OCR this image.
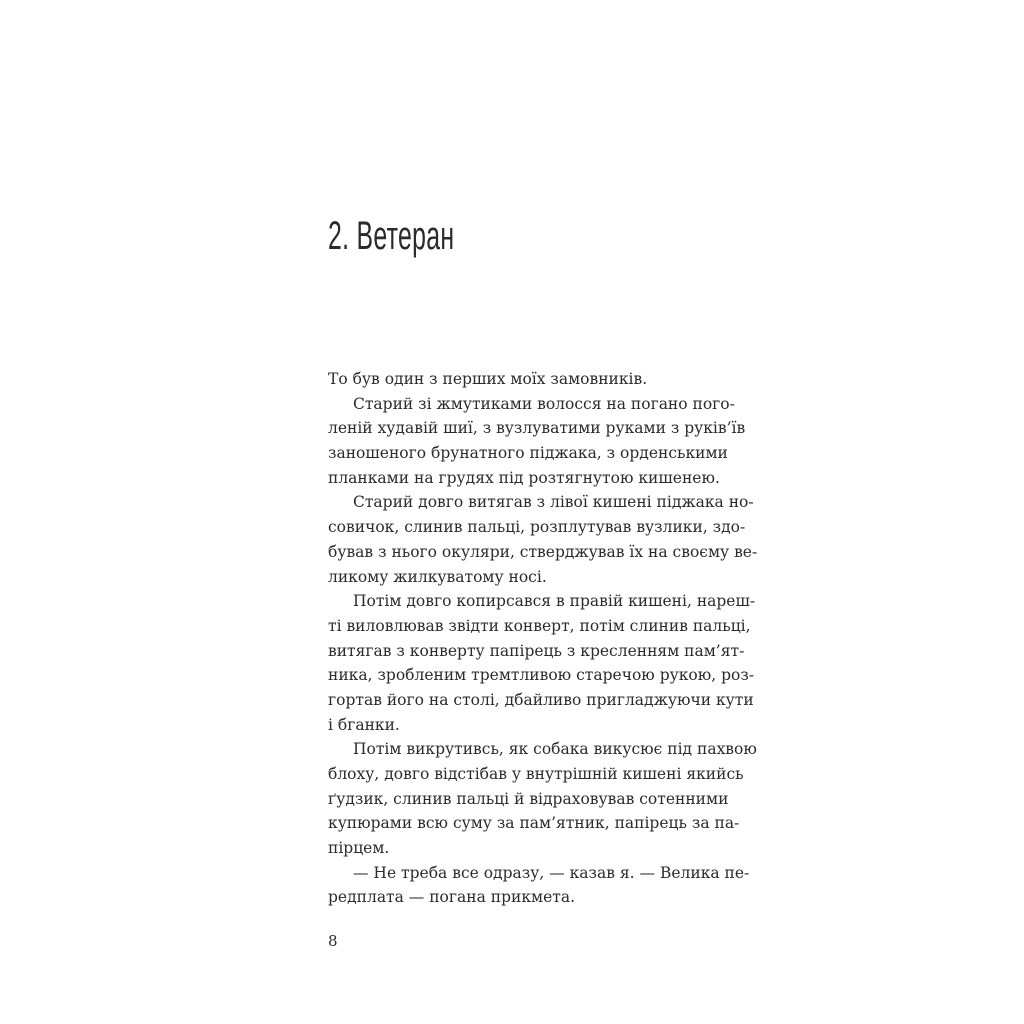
2. Ветеран
То був один з перших моїх замовників.
Старий зі жмутиками волосся на погано пого-
леній худавій шиї, з вузлуватими руками з руків’їв
заношеного брунатного піджака, з орденськими
планками на грудях під розтягнутою кишенею.
Старий довго витягав з лівої кишені піджака но-
совичок, слинив пальці, розплутував вузлики, здо-
бував з нього окуляри, стверджував їх на своєму ве-
ликому жилкуватому носі.
Потім довго копирсався в правій кишені, нареш-
ті виловлював звідти конверт, потім слинив пальці,
витягав з конверту папірець з кресленням пам’ят-
ника, зробленим тремтливою старечою рукою, роз-
гортав його на столі, дбайливо пригладжуючи кути
і бганки.
Потім викрутивсь, як собака викусює під пахвою
блоху, довго відстібав у внутрішній кишені якийсь
ґудзик, слинив пальці й відраховував сотенними
купюрами всю суму за пам’ятник, папірець за па-
пірцем.
— Не треба все одразу, — казав я. — Велика пе-
редплата — погана прикмета.
8
